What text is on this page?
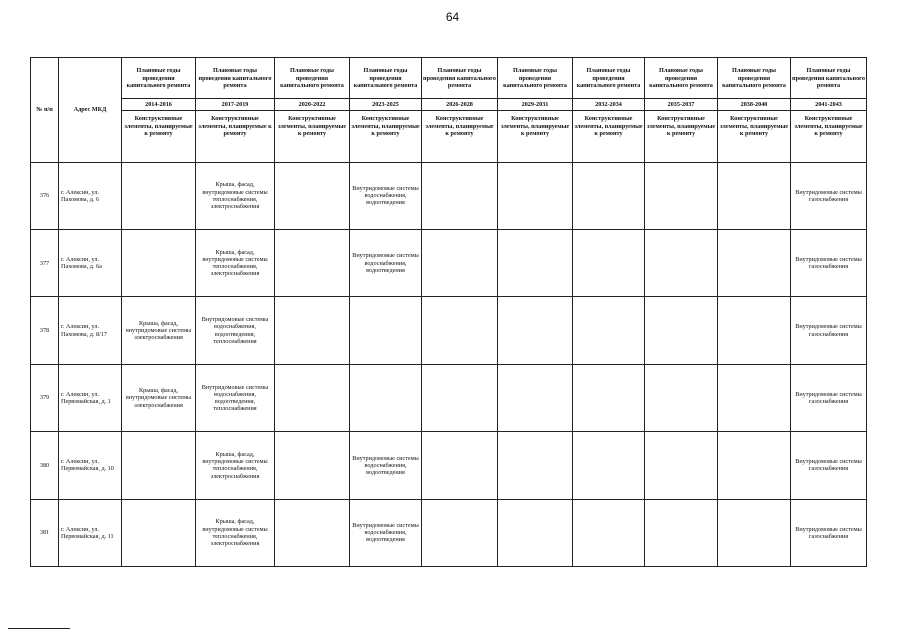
64
№ п/п	Адрес МКД	Плановые годы проведения капитального ремонта	Плановые годы проведения капитального ремонта	Плановые годы проведения капитального ремонта	Плановые годы проведения капитального ремонта	Плановые годы проведения капитального ремонта	Плановые годы проведения капитального ремонта	Плановые годы проведения капитального ремонта	Плановые годы проведения капитального ремонта	Плановые годы проведения капитального ремонта	Плановые годы проведения капитального ремонта
		2014-2016	2017-2019	2020-2022	2023-2025	2026-2028	2029-2031	2032-2034	2035-2037	2038-2040	2041-2043
		Конструктивные элементы, планируемые к ремонту	Конструктивные элементы, планируемые к ремонту	Конструктивные элементы, планируемые к ремонту	Конструктивные элементы, планируемые к ремонту	Конструктивные элементы, планируемые к ремонту	Конструктивные элементы, планируемые к ремонту	Конструктивные элементы, планируемые к ремонту	Конструктивные элементы, планируемые к ремонту	Конструктивные элементы, планируемые к ремонту	Конструктивные элементы, планируемые к ремонту
376	г. Алексин, ул. Пахомова, д. 6		Крыша, фасад, внутридомовые системы теплоснабжения, электроснабжения		Внутридомовые системы водоснабжения, водоотведения						Внутридомовые системы газоснабжения
377	г. Алексин, ул. Пахомова, д. 6а		Крыша, фасад, внутридомовые системы теплоснабжения, электроснабжения		Внутридомовые системы водоснабжения, водоотведения						Внутридомовые системы газоснабжения
378	г. Алексин, ул. Пахомова, д. 8/17	Крыша, фасад, внутридомовые системы электроснабжения	Внутридомовые системы водоснабжения, водоотведения, теплоснабжения								Внутридомовые системы газоснабжения
379	г. Алексин, ул. Первомайская, д. 1	Крыша, фасад, внутридомовые системы электроснабжения	Внутридомовые системы водоснабжения, водоотведения, теплоснабжения								Внутридомовые системы газоснабжения
380	г. Алексин, ул. Первомайская, д. 10		Крыша, фасад, внутридомовые системы теплоснабжения, электроснабжения		Внутридомовые системы водоснабжения, водоотведения						Внутридомовые системы газоснабжения
381	г. Алексин, ул. Первомайская, д. 11		Крыша, фасад, внутридомовые системы теплоснабжения, электроснабжения		Внутридомовые системы водоснабжения, водоотведения						Внутридомовые системы газоснабжения
